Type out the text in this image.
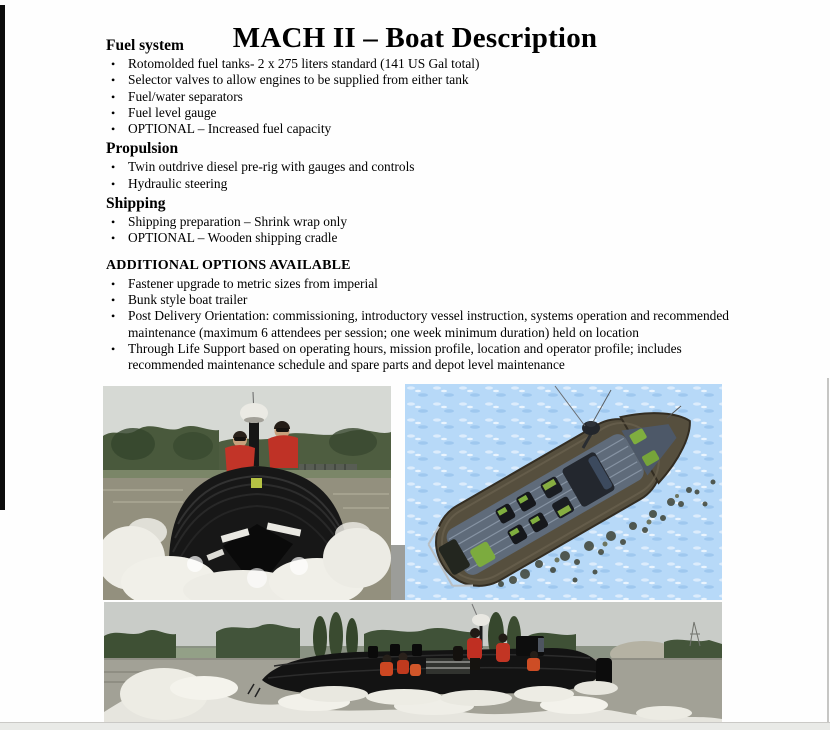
MACH II – Boat Description
Fuel system
• Rotomolded fuel tanks- 2 x 275 liters standard (141 US Gal total)
• Selector valves to allow engines to be supplied from either tank
• Fuel/water separators
• Fuel level gauge
• OPTIONAL – Increased fuel capacity
Propulsion
• Twin outdrive diesel pre-rig with gauges and controls
• Hydraulic steering
Shipping
• Shipping preparation – Shrink wrap only
• OPTIONAL – Wooden shipping cradle
ADDITIONAL OPTIONS AVAILABLE
• Fastener upgrade to metric sizes from imperial
• Bunk style boat trailer
• Post Delivery Orientation: commissioning, introductory vessel instruction, systems operation and recommended
maintenance (maximum 6 attendees per session; one week minimum duration) held on location
• Through Life Support based on operating hours, mission profile, location and operator profile; includes
recommended maintenance schedule and spare parts and depot level maintenance
